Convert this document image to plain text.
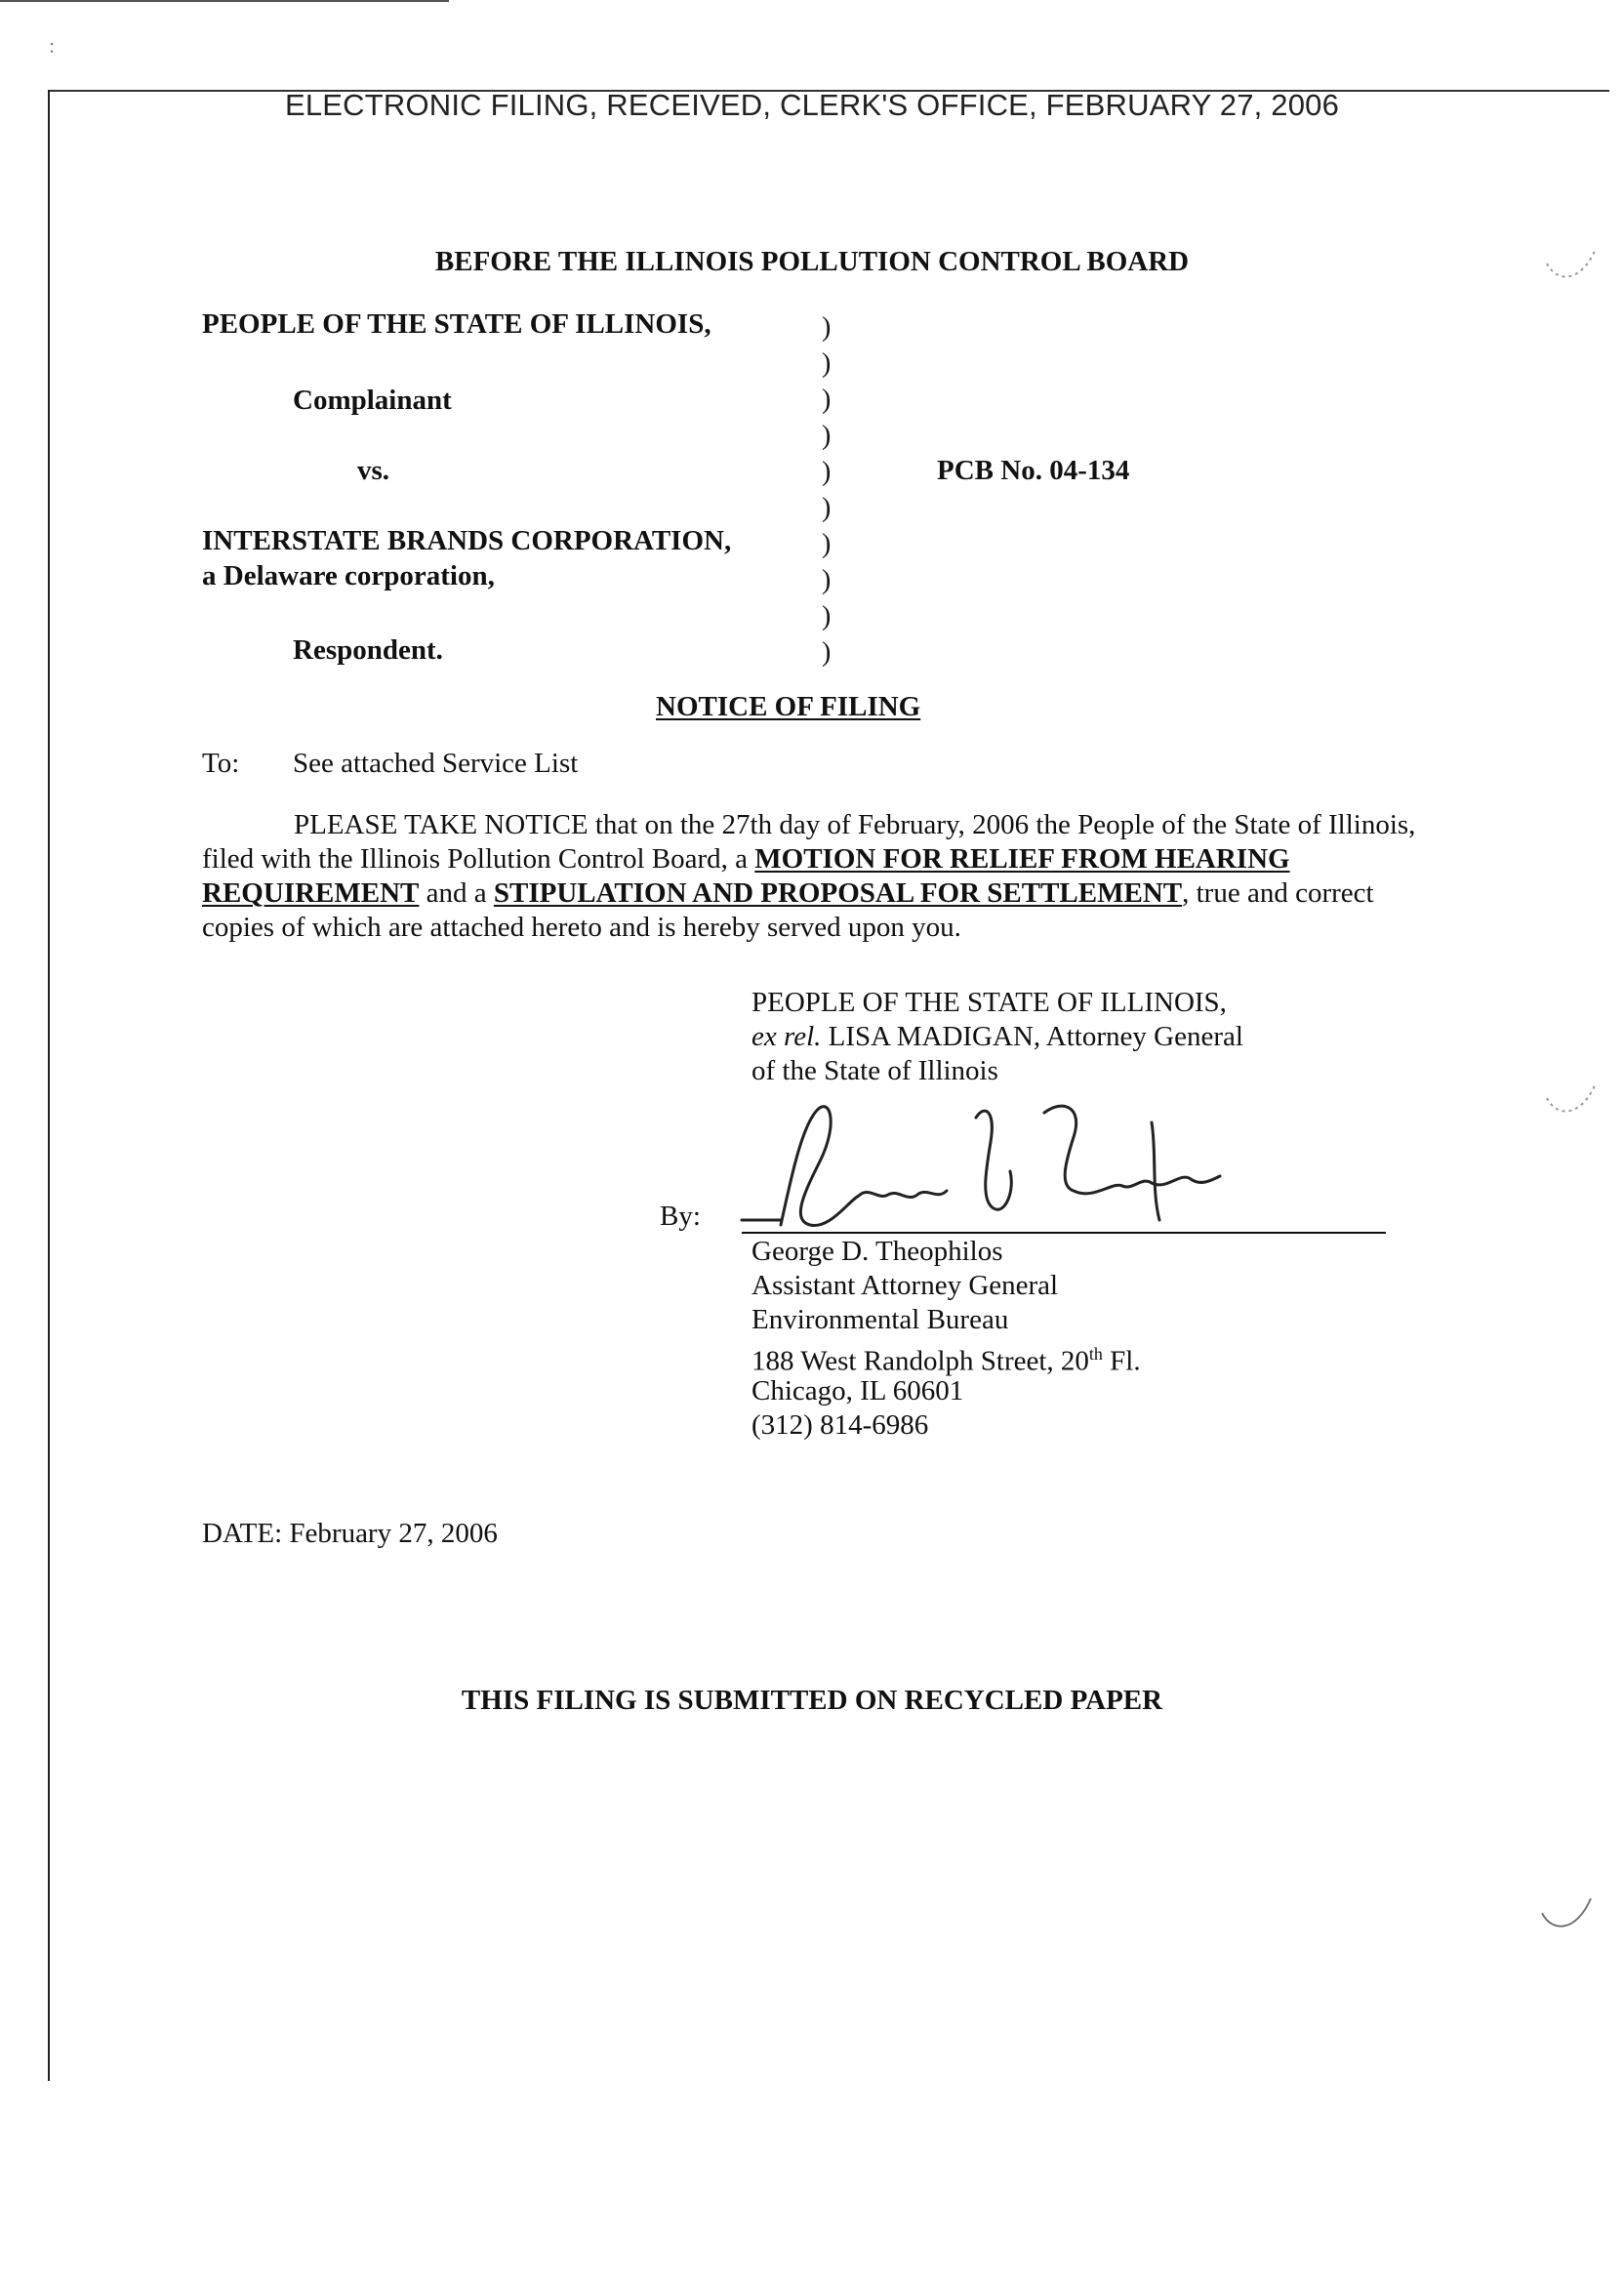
:
ELECTRONIC FILING, RECEIVED, CLERK'S OFFICE, FEBRUARY 27, 2006
BEFORE THE ILLINOIS POLLUTION CONTROL BOARD
PEOPLE OF THE STATE OF ILLINOIS,
Complainant
vs.
INTERSTATE BRANDS CORPORATION,
a Delaware corporation,
Respondent.
)
)
)
)
)
)
)
)
)
)
PCB No. 04-134
NOTICE OF FILING
To: See attached Service List
PLEASE TAKE NOTICE that on the 27th day of February, 2006 the People of the State of Illinois, filed with the Illinois Pollution Control Board, a MOTION FOR RELIEF FROM HEARING REQUIREMENT and a STIPULATION AND PROPOSAL FOR SETTLEMENT, true and correct copies of which are attached hereto and is hereby served upon you.
PEOPLE OF THE STATE OF ILLINOIS,
ex rel. LISA MADIGAN, Attorney General
of the State of Illinois
By:
George D. Theophilos
Assistant Attorney General
Environmental Bureau
188 West Randolph Street, 20th Fl.
Chicago, IL 60601
(312) 814-6986
DATE: February 27, 2006
THIS FILING IS SUBMITTED ON RECYCLED PAPER
